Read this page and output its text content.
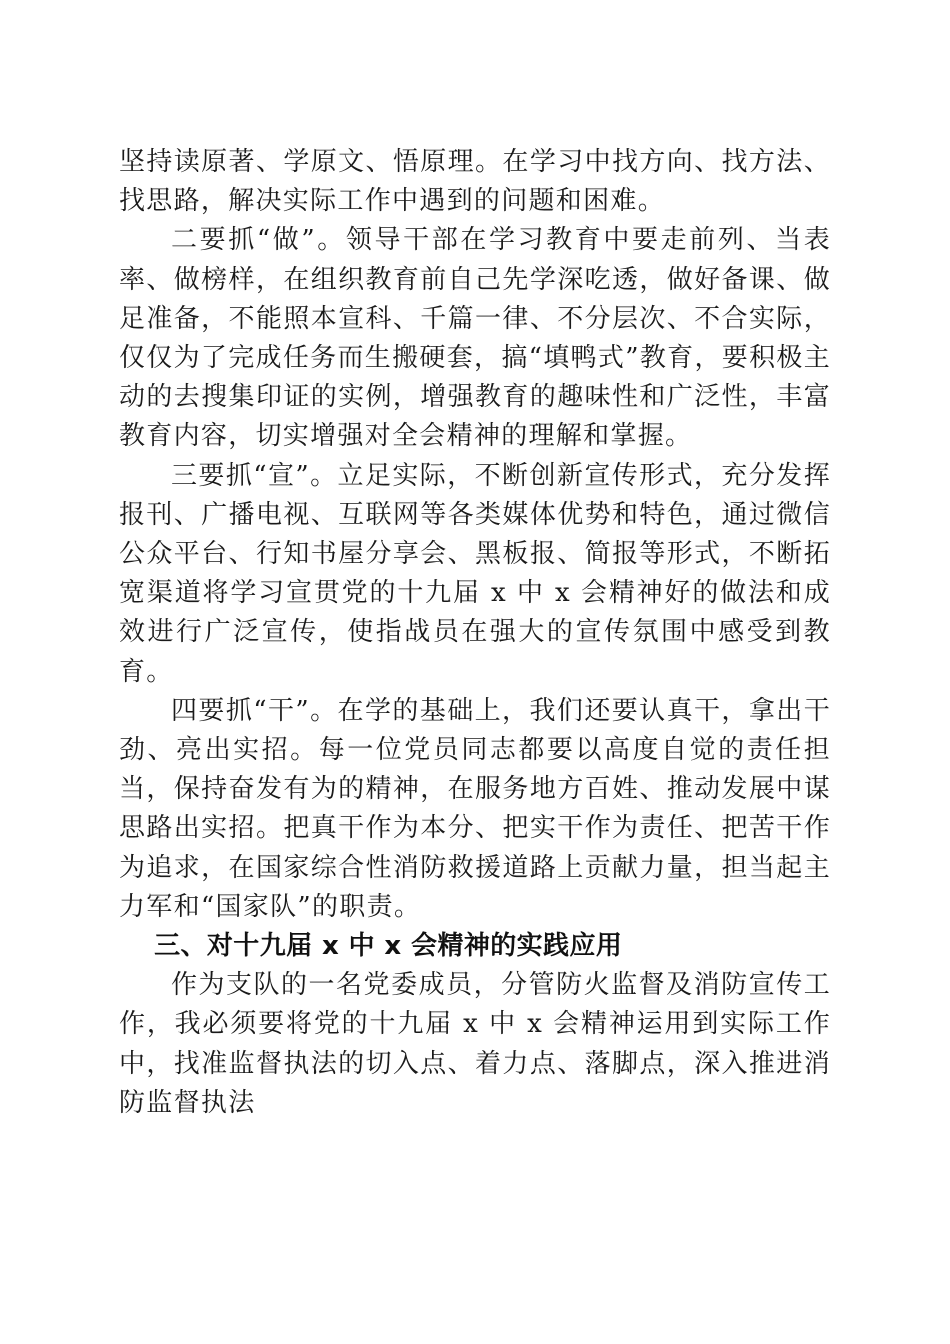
坚持读原著、学原文、悟原理。在学习中找方向、找方法、找思路，解决实际工作中遇到的问题和困难。

二要抓“做”。领导干部在学习教育中要走前列、当表率、做榜样，在组织教育前自己先学深吃透，做好备课、做足准备，不能照本宣科、千篇一律、不分层次、不合实际，仅仅为了完成任务而生搬硬套，搞“填鸭式”教育，要积极主动的去搜集印证的实例，增强教育的趣味性和广泛性，丰富教育内容，切实增强对全会精神的理解和掌握。

三要抓“宣”。立足实际，不断创新宣传形式，充分发挥报刊、广播电视、互联网等各类媒体优势和特色，通过微信公众平台、行知书屋分享会、黑板报、简报等形式，不断拓宽渠道将学习宣贯党的十九届 x 中 x 会精神好的做法和成效进行广泛宣传，使指战员在强大的宣传氛围中感受到教育。

四要抓“干”。在学的基础上，我们还要认真干，拿出干劲、亮出实招。每一位党员同志都要以高度自觉的责任担当，保持奋发有为的精神，在服务地方百姓、推动发展中谋思路出实招。把真干作为本分、把实干作为责任、把苦干作为追求，在国家综合性消防救援道路上贡献力量，担当起主力军和“国家队”的职责。

三、对十九届 x 中 x 会精神的实践应用

作为支队的一名党委成员，分管防火监督及消防宣传工作，我必须要将党的十九届 x 中 x 会精神运用到实际工作中，找准监督执法的切入点、着力点、落脚点，深入推进消防监督执法
